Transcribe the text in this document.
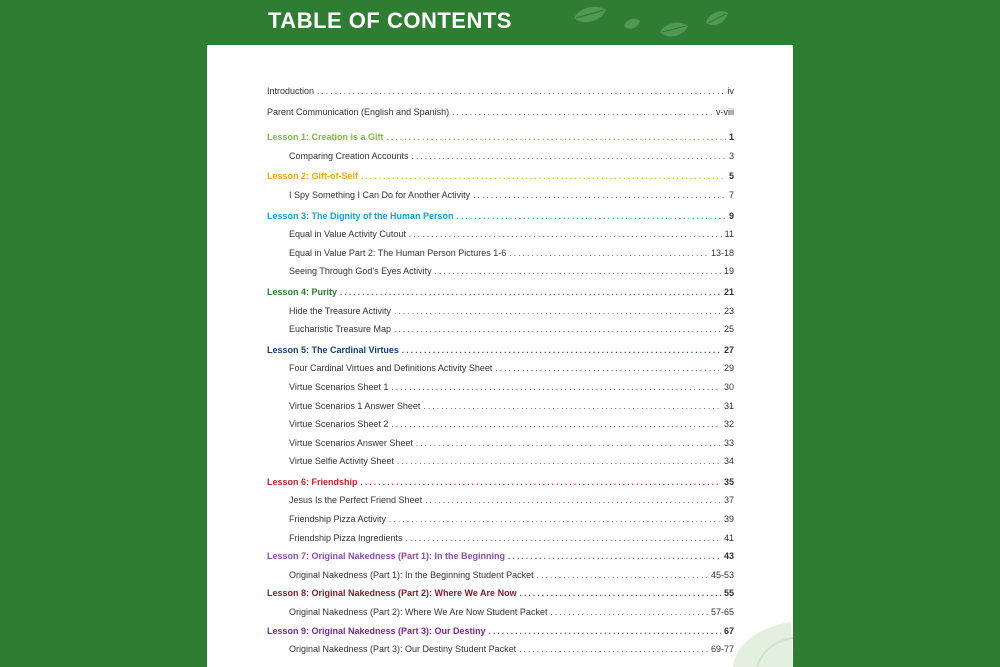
TABLE OF CONTENTS
Introduction . . .	iv
Parent Communication (English and Spanish) . . .	v-viii
Lesson 1: Creation is a Gift . . .	1
Comparing Creation Accounts . . .	3
Lesson 2: Gift-of-Self . . .	5
I Spy Something I Can Do for Another Activity . . .	7
Lesson 3: The Dignity of the Human Person . . .	9
Equal in Value Activity Cutout . . .	11
Equal in Value Part 2: The Human Person Pictures 1-6 . . .	13-18
Seeing Through God's Eyes Activity . . .	19
Lesson 4: Purity . . .	21
Hide the Treasure Activity . . .	23
Eucharistic Treasure Map . . .	25
Lesson 5: The Cardinal Virtues . . .	27
Four Cardinal Virtues and Definitions Activity Sheet . . .	29
Virtue Scenarios Sheet 1 . . .	30
Virtue Scenarios 1 Answer Sheet . . .	31
Virtue Scenarios Sheet 2 . . .	32
Virtue Scenarios Answer Sheet . . .	33
Virtue Selfie Activity Sheet . . .	34
Lesson 6: Friendship . . .	35
Jesus Is the Perfect Friend Sheet . . .	37
Friendship Pizza Activity . . .	39
Friendship Pizza Ingredients . . .	41
Lesson 7: Original Nakedness (Part 1): In the Beginning . . .	43
Original Nakedness (Part 1): In the Beginning Student Packet . . .	45-53
Lesson 8: Original Nakedness (Part 2): Where We Are Now . . .	55
Original Nakedness (Part 2): Where We Are Now Student Packet . . .	57-65
Lesson 9: Original Nakedness (Part 3): Our Destiny . . .	67
Original Nakedness (Part 3): Our Destiny Student Packet . . .	69-77
